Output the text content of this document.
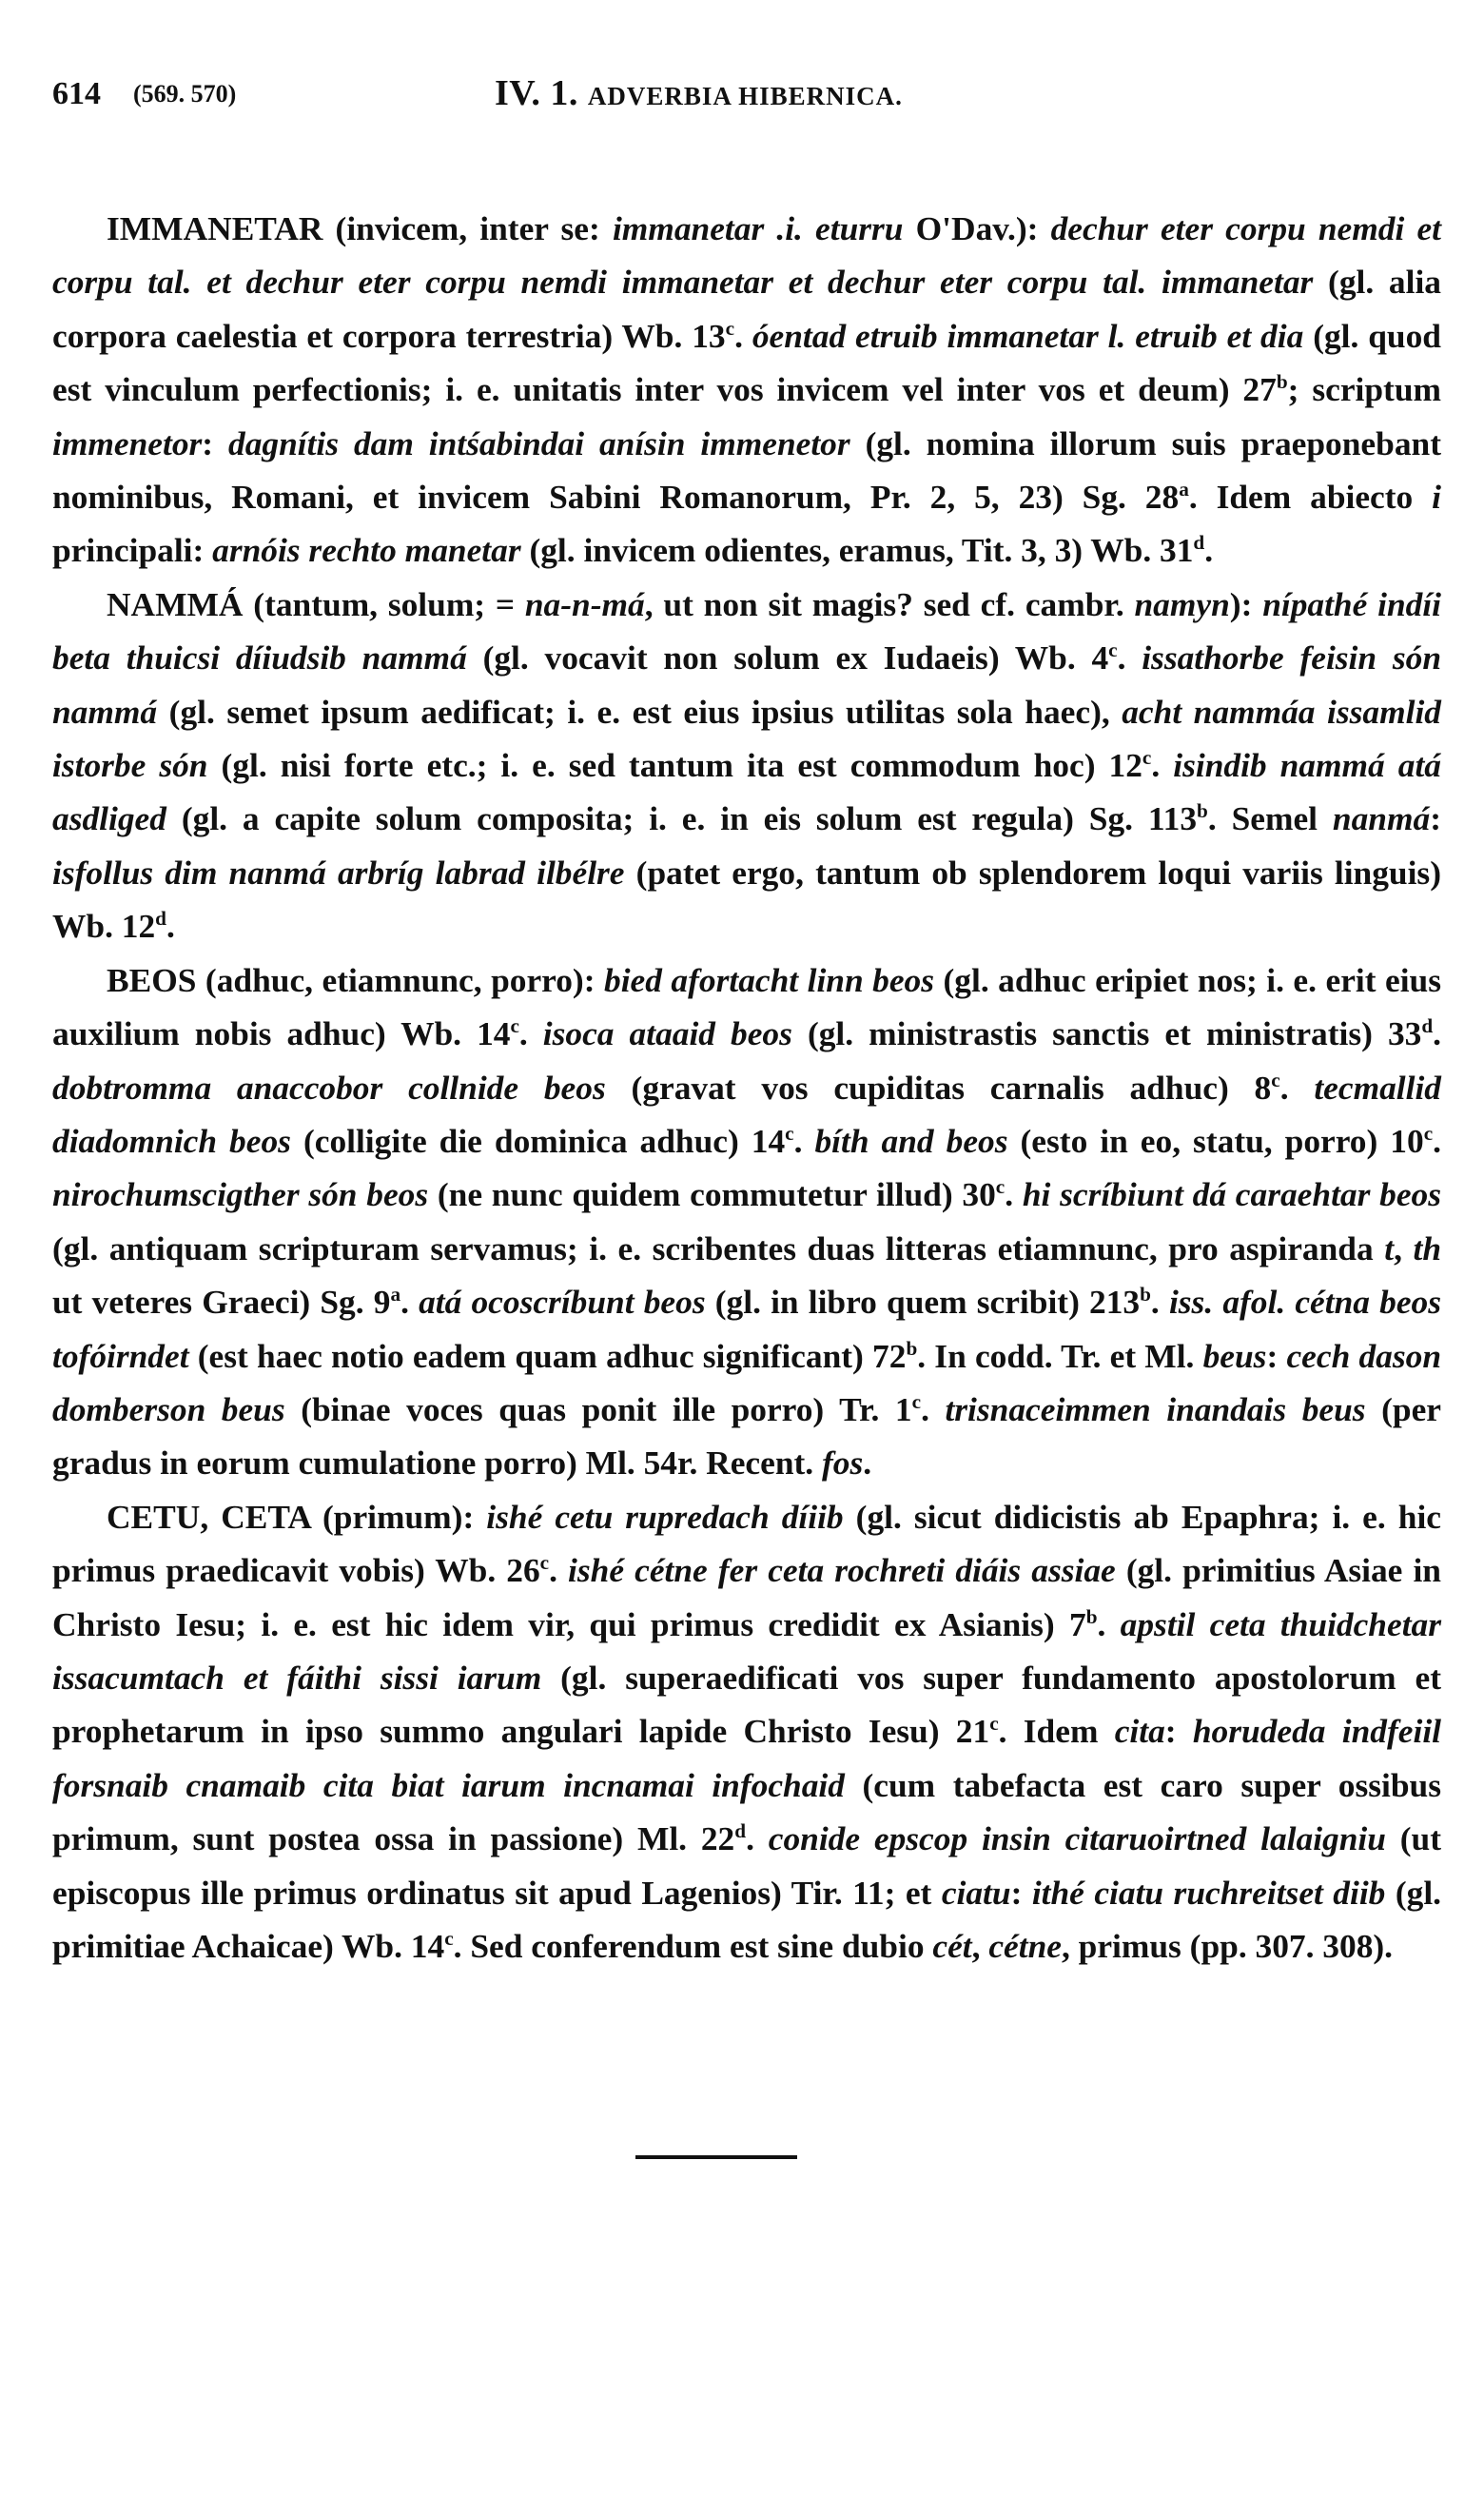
614 (569. 570)	IV. 1. ADVERBIA HIBERNICA.

IMMANETAR (invicem, inter se: immanetar .i. eturru O'Dav.): dechur eter corpu nemdi et corpu tal. et dechur eter corpu nemdi immanetar et dechur eter corpu tal. immanetar (gl. alia corpora caelestia et corpora terrestria) Wb. 13$^c$. óentad etruib immanetar l. etruib et dia (gl. quod est vinculum perfectionis; i. e. unitatis inter vos invicem vel inter vos et deum) 27$^b$; scriptum immenetor: dagnítis dam intśabindai anísin immenetor (gl. nomina illorum suis praeponebant nominibus, Romani, et invicem Sabini Romanorum, Pr. 2, 5, 23) Sg. 28$^a$. Idem abiecto i principali: arnóis rechto manetar (gl. invicem odientes, eramus, Tit. 3, 3) Wb. 31$^d$.

NAMMÁ (tantum, solum; = na-n-má, ut non sit magis? sed cf. cambr. namyn): nípathé indíi beta thuicsi díiudsib nammá (gl. vocavit non solum ex Iudaeis) Wb. 4$^c$. issathorbe feisin són nammá (gl. semet ipsum aedificat; i. e. est eius ipsius utilitas sola haec), acht nammáa issamlid istorbe són (gl. nisi forte etc.; i. e. sed tantum ita est commodum hoc) 12$^c$. isindib nammá atá asdliged (gl. a capite solum composita; i. e. in eis solum est regula) Sg. 113$^b$. Semel nanmá: isfollus dim nanmá arbríg labrad ilbélre (patet ergo, tantum ob splendorem loqui variis linguis) Wb. 12$^d$.

BEOS (adhuc, etiamnunc, porro): bied afortacht linn beos (gl. adhuc eripiet nos; i. e. erit eius auxilium nobis adhuc) Wb. 14$^c$. isoca ataaid beos (gl. ministrastis sanctis et ministratis) 33$^d$. dobtromma anaccobor collnide beos (gravat vos cupiditas carnalis adhuc) 8$^c$. tecmallid diadomnich beos (colligite die dominica adhuc) 14$^c$. bíth and beos (esto in eo, statu, porro) 10$^c$. nirochumscigther són beos (ne nunc quidem commutetur illud) 30$^c$. hi scríbiunt dá caraehtar beos (gl. antiquam scripturam servamus; i. e. scribentes duas litteras etiamnunc, pro aspiranda t, th ut veteres Graeci) Sg. 9$^a$. atá ocoscríbunt beos (gl. in libro quem scribit) 213$^b$. iss. afol. cétna beos tofóirndet (est haec notio eadem quam adhuc significant) 72$^b$. In codd. Tr. et Ml. beus: cech dason domberson beus (binae voces quas ponit ille porro) Tr. 1$^c$. trisnaceimmen inandais beus (per gradus in eorum cumulatione porro) Ml. 54r. Recent. fos.

CETU, CETA (primum): ishé cetu rupredach díiib (gl. sicut didicistis ab Epaphra; i. e. hic primus praedicavit vobis) Wb. 26$^c$. ishé cétne fer ceta rochreti diáis assiae (gl. primitius Asiae in Christo Iesu; i. e. est hic idem vir, qui primus credidit ex Asianis) 7$^b$. apstil ceta thuidchetar issacumtach et fáithi sissi iarum (gl. superaedificati vos super fundamento apostolorum et prophetarum in ipso summo angulari lapide Christo Iesu) 21$^c$. Idem cita: horudeda indfeiil forsnaib cnamaib cita biat iarum incnamai infochaid (cum tabefacta est caro super ossibus primum, sunt postea ossa in passione) Ml. 22$^d$. conide epscop insin citaruoirtned lalaigniu (ut episcopus ille primus ordinatus sit apud Lagenios) Tir. 11; et ciatu: ithé ciatu ruchreitset diib (gl. primitiae Achaicae) Wb. 14$^c$. Sed conferendum est sine dubio cét, cétne, primus (pp. 307. 308).
